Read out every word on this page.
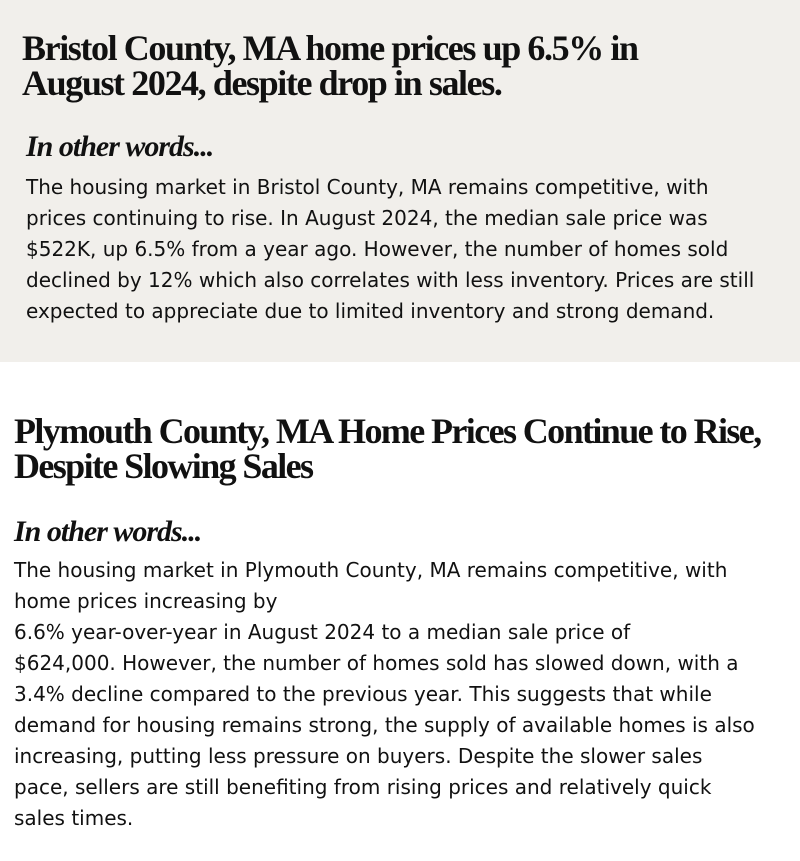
Bristol County, MA home prices up 6.5% in
August 2024, despite drop in sales.
In other words...

The housing market in Bristol County, MA remains competitive, with
prices continuing to rise. In August 2024, the median sale price was
$522K, up 6.5% from a year ago. However, the number of homes sold
declined by 12% which also correlates with less inventory. Prices are still
expected to appreciate due to limited inventory and strong demand.

Plymouth County, MA Home Prices Continue to Rise,
Despite Slowing Sales
In other words...

The housing market in Plymouth County, MA remains competitive, with
home prices increasing by
6.6% year-over-year in August 2024 to a median sale price of
$624,000. However, the number of homes sold has slowed down, with a
3.4% decline compared to the previous year. This suggests that while
demand for housing remains strong, the supply of available homes is also
increasing, putting less pressure on buyers. Despite the slower sales
pace, sellers are still benefiting from rising prices and relatively quick
sales times.
